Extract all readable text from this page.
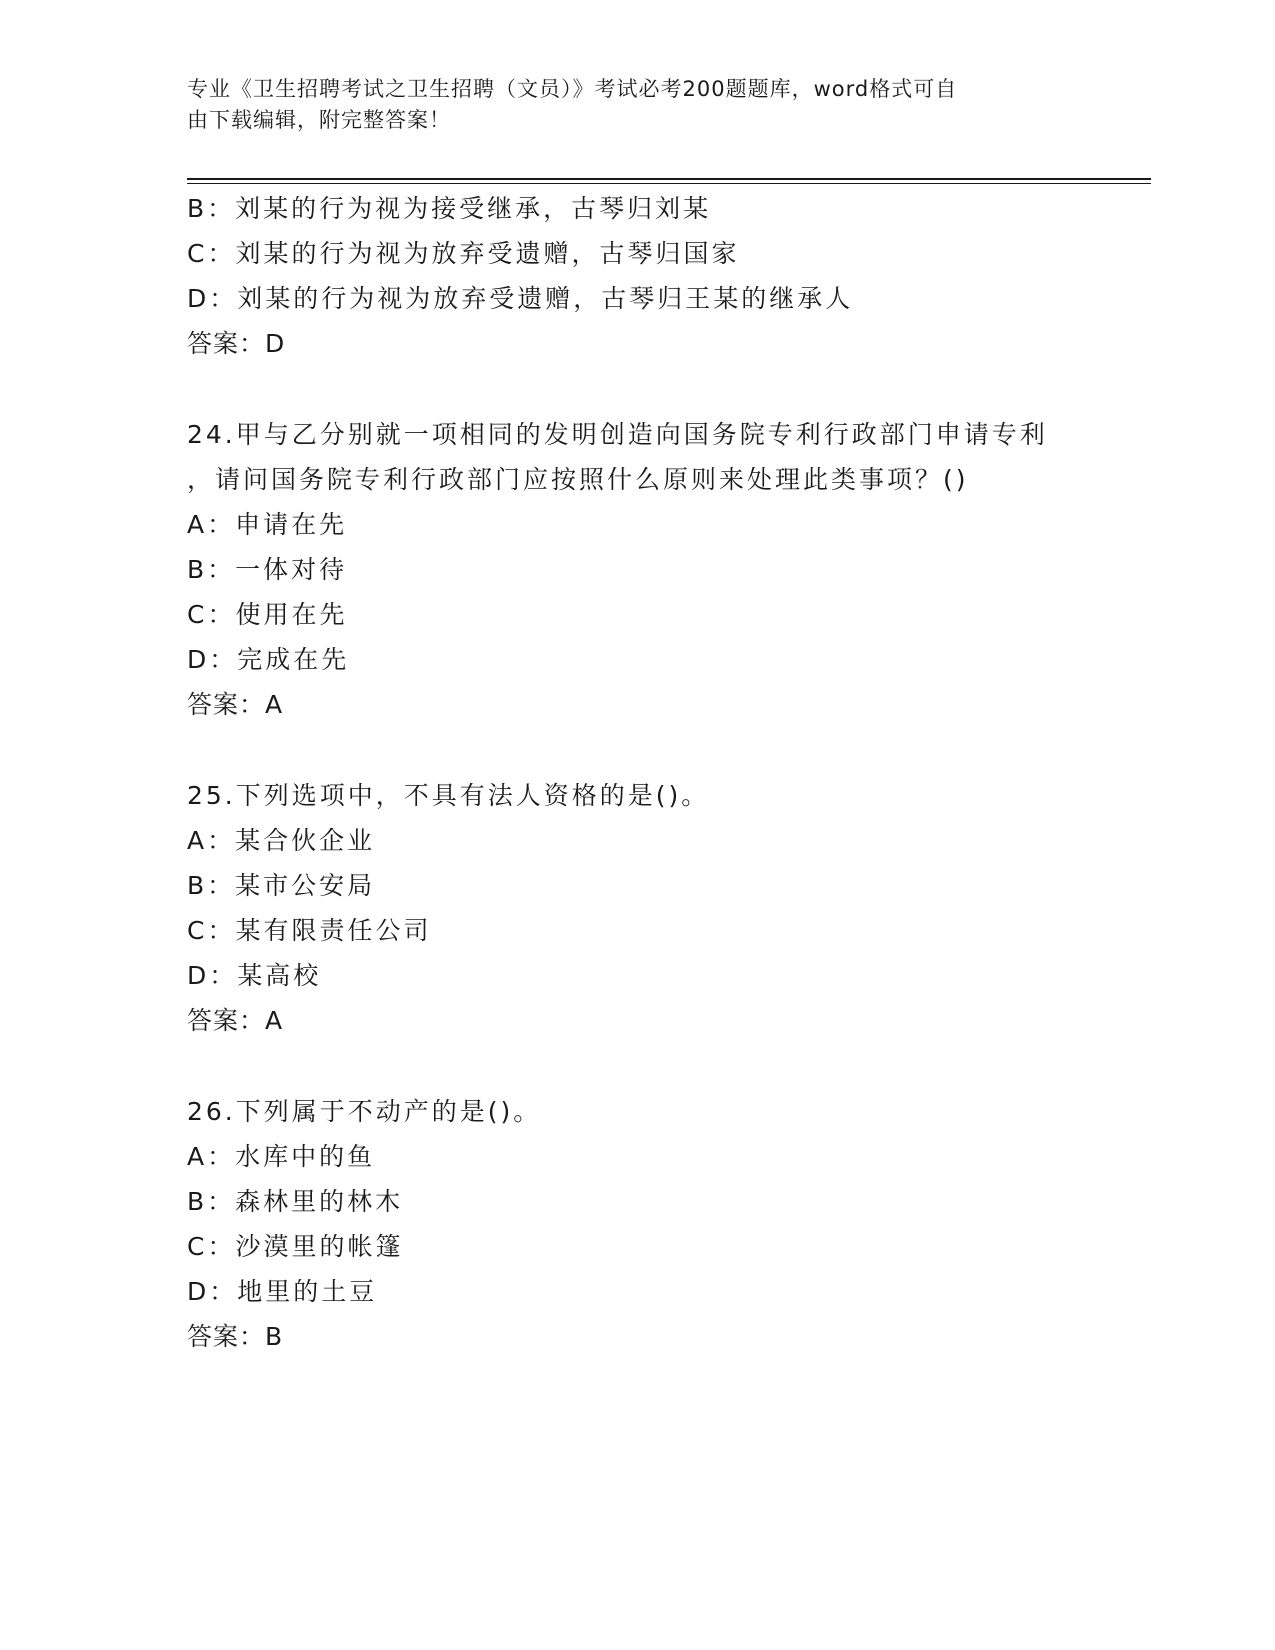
专业《卫生招聘考试之卫生招聘（文员）》考试必考200题题库，word格式可自
由下载编辑，附完整答案！
B：刘某的行为视为接受继承，古琴归刘某
C：刘某的行为视为放弃受遗赠，古琴归国家
D：刘某的行为视为放弃受遗赠，古琴归王某的继承人
答案：D
24.甲与乙分别就一项相同的发明创造向国务院专利行政部门申请专利
，请问国务院专利行政部门应按照什么原则来处理此类事项？()
A：申请在先
B：一体对待
C：使用在先
D：完成在先
答案：A
25.下列选项中，不具有法人资格的是()。
A：某合伙企业
B：某市公安局
C：某有限责任公司
D：某高校
答案：A
26.下列属于不动产的是()。
A：水库中的鱼
B：森林里的林木
C：沙漠里的帐篷
D：地里的土豆
答案：B
